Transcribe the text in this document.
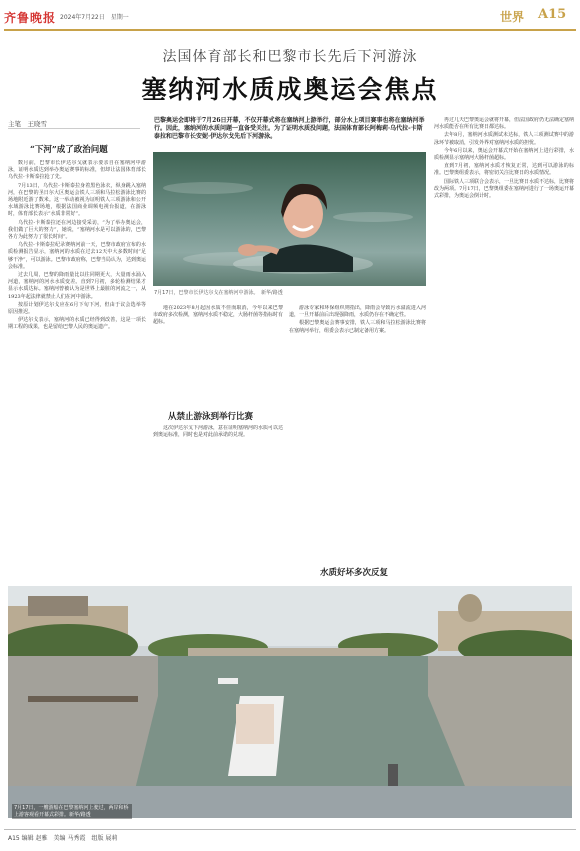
齐鲁晚报 2024年7月22日　星期一	世界 A15
法国体育部长和巴黎市长先后下河游泳
塞纳河水质成奥运会焦点
主笔　王晓雪	巴黎奥运会即将于7月26日开幕，不仅开幕式将在塞纳河上游举行，部分水上项目赛事也将在塞纳河举行。因此，塞纳河的水质问题一直备受关注。为了证明水质没问题，法国体育部长阿梅莉·乌代拉-卡斯泰拉和巴黎市长安妮·伊达尔戈先后下河游泳。
“下河”成了政治问题

数月前，巴黎市长伊达尔戈就表示要亲自在塞纳河中游泳，证明水质达到举办奥运赛事的标准，但却让法国体育部长乌代拉-卡斯泰拉抢了先。

7月13日，乌代拉-卡斯泰拉身着黑色泳衣，纵身跳入塞纳河，在巴黎的圣日尔大区奥运会铁人三项和马拉松游泳比赛的场地附近游了数米。这一举动被视为证明铁人三项游泳和公开水域游泳比赛场地，根据法国商业调频电视台报道，在游泳时，体育部长表示“水质非常好”。

乌代拉-卡斯泰拉还在河边接受采访，“为了举办奥运会，我们做了巨大的努力”，她说，“塞纳河水是可以游泳的，巴黎各方为此努力了很长时间”。

乌代拉-卡斯泰拉纪录赛纳河前一天，巴黎市政府宣布的水质检测报告显示，塞纳河的水质在过去12天中大多数时间“足够干净”，可以游泳。巴黎市政府称，巴黎当局认为，达到奥运会标准。

过去几周，巴黎的降雨量比以往同期更大，大量雨水涌入河道，塞纳河的河水水质变差。直到7月初，多轮检测结果才显示水质达标。塞纳河曾被认为是世界上最脏的河流之一，从1923年起法律就禁止人们在河中游泳。

按原计划伊达尔戈应在6月下旬下河，但由于议会选举等原因推迟。

伊达尔戈表示，塞纳河的水质已经得到改善，这是一项长期工程的成果，也是留给巴黎人民的奥运遗产。

7月17日，巴黎市长伊达尔戈在塞纳河中游泳。　新华/路透

地在2023年8月起因水质不佳而取消，今年以来巴黎市政府多次检测，塞纳河水质不稳定，大肠杆菌等指标时有超标。

从禁止游泳到举行比赛

这次伊达尔戈下河游泳，意在证明塞纳河的水质可以达到奥运标准，同时也是对此前承诺的兑现。

游泳专家和环保组织则指出，降雨会导致污水溢流进入河道，一旦开幕前后出现强降雨，水质仍存在不确定性。

根据巴黎奥运会赛事安排，铁人三项和马拉松游泳比赛将在塞纳河举行，组委会表示已制定备用方案。

水质好坏多次反复

再过几天巴黎奥运会就将开幕，但法国政府仍无法确定塞纳河水质能否在所有比赛日都达标。

去年8月，塞纳河水质测试未达标，铁人三项测试赛中的游泳环节被取消，引发外界对塞纳河水质的担忧。

今年6月以来，奥运会开幕式开始在塞纳河上进行彩排，水质检测显示塞纳河大肠杆菌超标。

直到7月初，塞纳河水质才恢复正常，达到可以游泳的标准。巴黎奥组委表示，将密切关注比赛日的水质情况。

国际铁人三项联合会表示，一旦比赛日水质不达标，比赛将改为两项。7月17日，巴黎奥组委在塞纳河进行了一场奥运开幕式彩排，为奥运会倒计时。

7月17日，一艘游船在巴黎塞纳河上驶过，两岸和桥上游客观看开幕式彩排。新华/路透
A15 编辑 赵雅　美编 马秀霞　组版 展莉
